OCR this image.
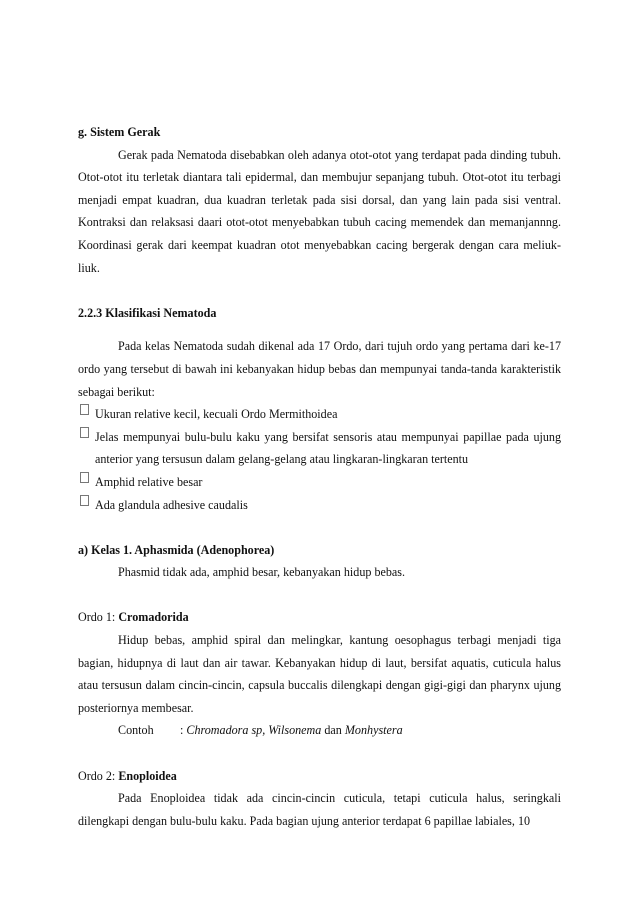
g. Sistem Gerak

Gerak pada Nematoda disebabkan oleh adanya otot-otot yang terdapat pada dinding tubuh. Otot-otot itu terletak diantara tali epidermal, dan membujur sepanjang tubuh. Otot-otot itu terbagi menjadi empat kuadran, dua kuadran terletak pada sisi dorsal, dan yang lain pada sisi ventral. Kontraksi dan relaksasi daari otot-otot menyebabkan tubuh cacing memendek dan memanjannng. Koordinasi gerak dari keempat kuadran otot menyebabkan cacing bergerak dengan cara meliuk-liuk.

2.2.3 Klasifikasi Nematoda

Pada kelas Nematoda sudah dikenal ada 17 Ordo, dari tujuh ordo yang pertama dari ke-17 ordo yang tersebut di bawah ini kebanyakan hidup bebas dan mempunyai tanda-tanda karakteristik sebagai berikut:

Ukuran relative kecil, kecuali Ordo Mermithoidea
Jelas mempunyai bulu-bulu kaku yang bersifat sensoris atau mempunyai papillae pada ujung anterior yang tersusun dalam gelang-gelang atau lingkaran-lingkaran tertentu
Amphid relative besar
Ada glandula adhesive caudalis

a) Kelas 1. Aphasmida (Adenophorea)

Phasmid tidak ada, amphid besar, kebanyakan hidup bebas.

Ordo 1: Cromadorida

Hidup bebas, amphid spiral dan melingkar, kantung oesophagus terbagi menjadi tiga bagian, hidupnya di laut dan air tawar. Kebanyakan hidup di laut, bersifat aquatis, cuticula halus atau tersusun dalam cincin-cincin, capsula buccalis dilengkapi dengan gigi-gigi dan pharynx ujung posteriornya membesar.

Contoh : Chromadora sp, Wilsonema dan Monhystera

Ordo 2: Enoploidea

Pada Enoploidea tidak ada cincin-cincin cuticula, tetapi cuticula halus, seringkali dilengkapi dengan bulu-bulu kaku. Pada bagian ujung anterior terdapat 6 papillae labiales, 10
